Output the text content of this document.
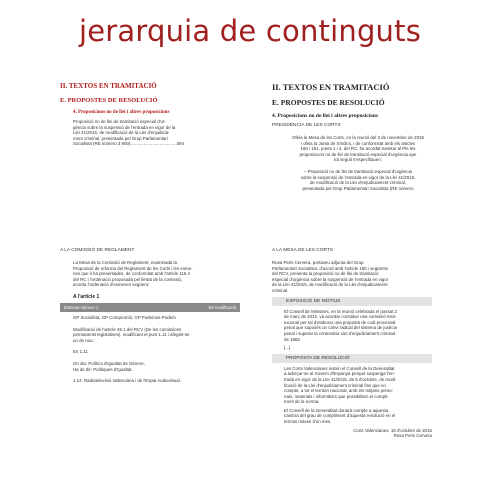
jerarquia de continguts
II. TEXTOS EN TRAMITACIÓ
E. PROPOSTES DE RESOLUCIÓ
4. Proposicions no de llei i altres proposicions
Proposició no de llei de tramitació especial d'ur-
gència sobre la suspensió de l'entrada en vigor de la
Llei 41/2015, de modificació de la Llei d'enjudicia-
ment criminal, presentada pel Grup Parlamentari
Socialista (RE número 3 900)......................................094
II. TEXTOS EN TRAMITACIÓ
E. PROPOSTES DE RESOLUCIÓ
4. Proposicions no de llei i altres proposicions
PRESIDÈNCIA DE LES CORTS
Ofeia la Mesa de les Corts, en la reunió del 3 de novembre de 2015
i ofeia la Junta de Síndics, i de conformitat amb els articles
160 i 161, punts 1 i 4, del RC, ha acordat tramitar al Ple les
proposicions no de llei de tramitació especial d'urgència que
tot seguit s'especifiquen:
– Proposició no de llei de tramitació especial d'urgència
sobre la suspensió de l'entrada en vigor de la Llei 41/2015,
de modificació de la Llei d'enjudiciament criminal,
presentada pel Grup Parlamentari Socialista (RE número
A LA COMISSIÓ DE REGLAMENT
La Mesa de la Comissió de Reglament, examinada la
Proposició de reforma del Reglament de les Corts i les esme-
nes que li ha presentades, de conformitat amb l'article 116.4
del RC i l'ordenació proposada pel lletrat de la comissió,
acorda l'ordenació d'esmenes següent:
A l'article 1
Esmena número 1	De modificació
GP Socialista; GP Compromís; GP Podemos-Podem
Modificació de l'article 45.1 del RCV (De les comissions
permanents legislatives), modificant el punt 1.11 i afegint-ne
un de nou:
En 1.11
On diu: Política d'Igualtat de Gènere,
Ha de dir: Polítiques d'Igualtat.
1.12. Radiotelevisió Valenciana i de l'Espai Audiovisual.
A LA MESA DE LES CORTS
Rosa Peris Cervera, portaveu adjunta del Grup
Parlamentari Socialista, d'acord amb l'article 160 i següents
del RCV, presenta la proposició no de llei de tramitació
especial d'urgència sobre la suspensió de l'entrada en vigor
de la Llei 41/2015, de modificació de la Llei d'enjudiciament
criminal.
EXPOSICIÓ DE MOTIUS
El Consell de Ministres, en la reunió celebrada el passat 2
de març de 2012, va acordar constituir una comissió insti-
tucional per tal d'elaborar una proposta de codi processal
penal que suposés un canvi radical del sistema de justícia
penal i superar la centenària Llei d'enjudiciament criminal
de 1882.
[...]
PROPOSTA DE RESOLUCIÓ
Les Corts Valencianes insten el Consell de la Generalitat
a adreçar-se al Govern d'Espanya perquè suspenga l'en-
trada en vigor de la Llei 41/2015, de 5 d'octubre, de modi-
ficació de la Llei d'enjudiciament criminal fins que no
compte, a tot el territori nacional, amb els mitjans perso-
nals, materials i informàtics que possibiliten el compli-
ment de la norma.
El Consell de la Generalitat donarà compte a aquesta
cambra del grau de compliment d'aquesta resolució en el
termini màxim d'un mes.
Corts Valencianes, 19 d'octubre de 2015
Rosa Peris Cervera
